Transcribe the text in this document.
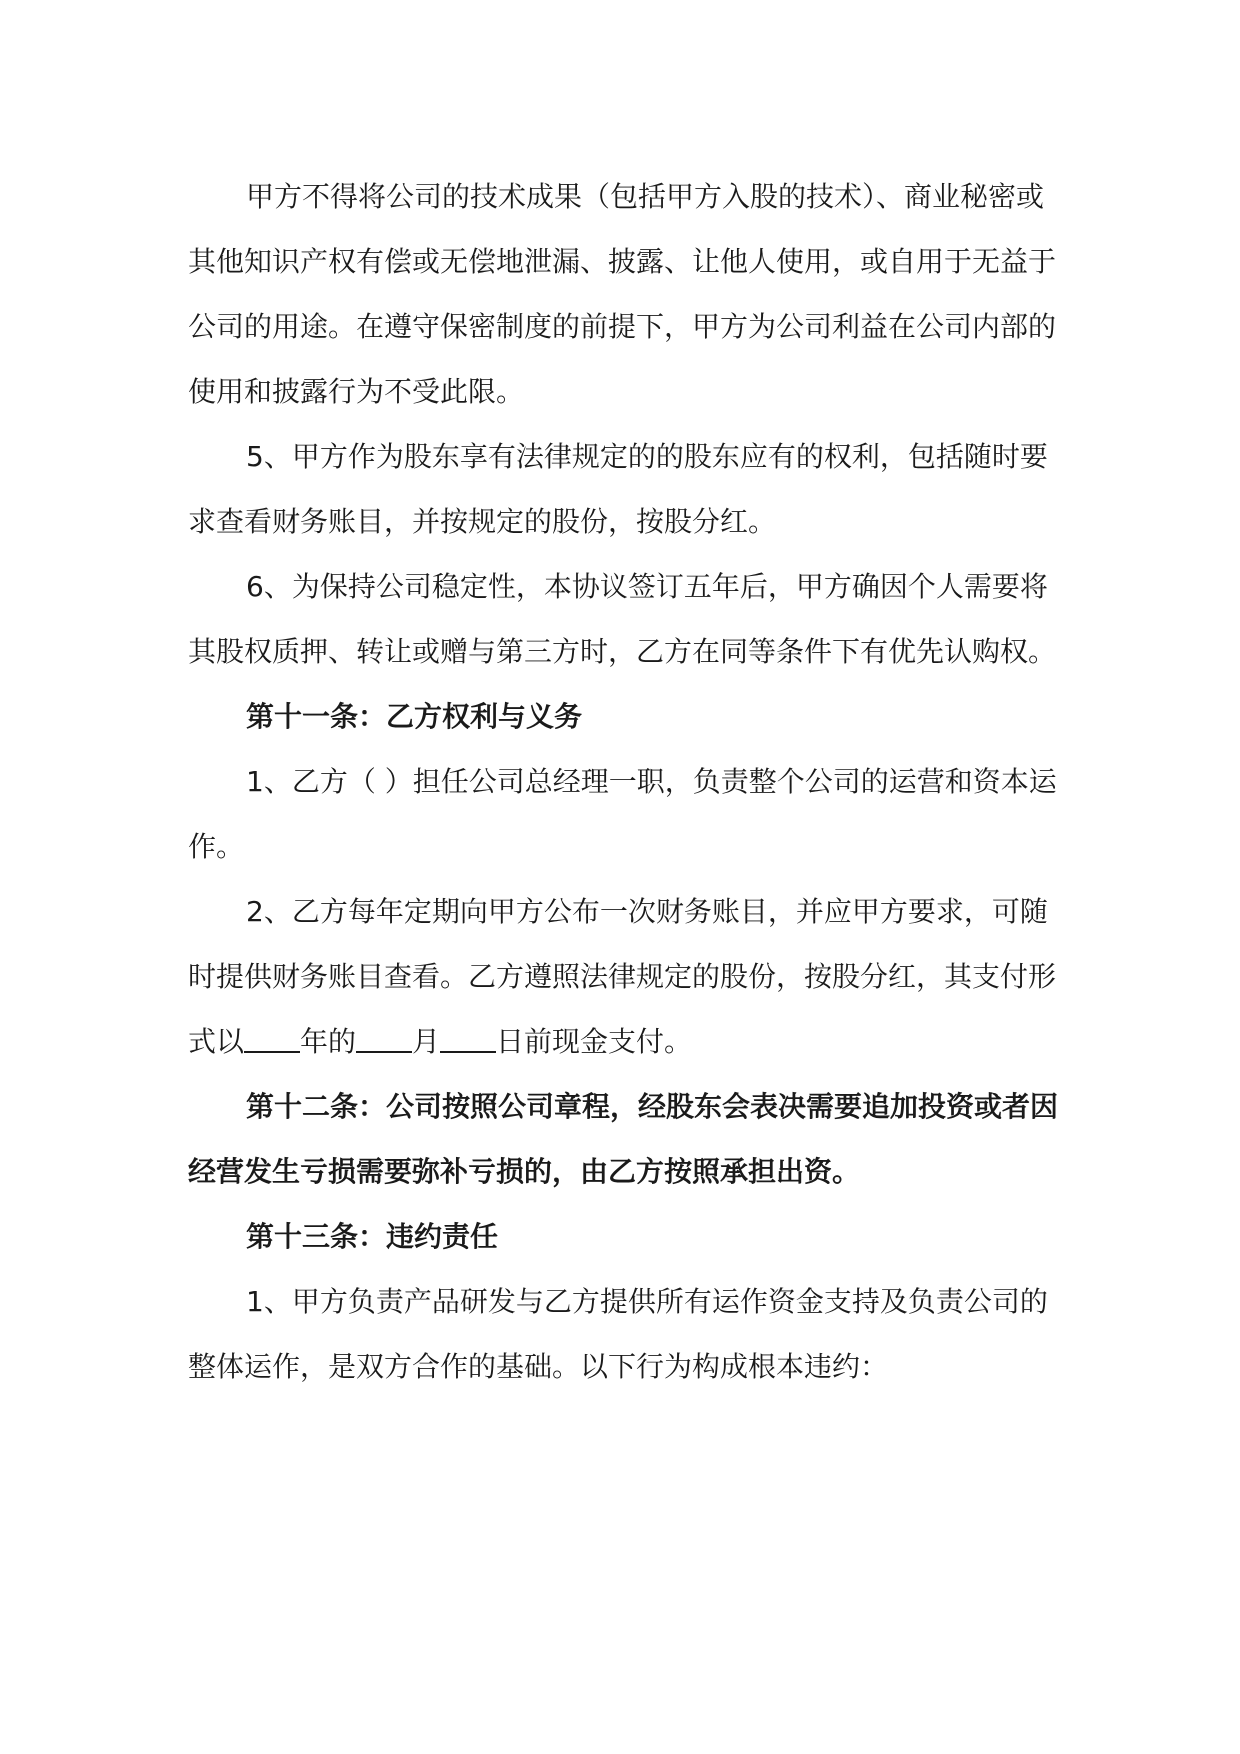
甲方不得将公司的技术成果（包括甲方入股的技术）、商业秘密或其他知识产权有偿或无偿地泄漏、披露、让他人使用，或自用于无益于公司的用途。在遵守保密制度的前提下，甲方为公司利益在公司内部的使用和披露行为不受此限。

5、甲方作为股东享有法律规定的的股东应有的权利，包括随时要求查看财务账目，并按规定的股份，按股分红。

6、为保持公司稳定性，本协议签订五年后，甲方确因个人需要将其股权质押、转让或赠与第三方时，乙方在同等条件下有优先认购权。

第十一条：乙方权利与义务

1、乙方（ ）担任公司总经理一职，负责整个公司的运营和资本运作。

2、乙方每年定期向甲方公布一次财务账目，并应甲方要求，可随时提供财务账目查看。乙方遵照法律规定的股份，按股分红，其支付形式以 年的 月 日前现金支付。

第十二条：公司按照公司章程，经股东会表决需要追加投资或者因经营发生亏损需要弥补亏损的，由乙方按照承担出资。

第十三条：违约责任

1、甲方负责产品研发与乙方提供所有运作资金支持及负责公司的整体运作，是双方合作的基础。以下行为构成根本违约：
